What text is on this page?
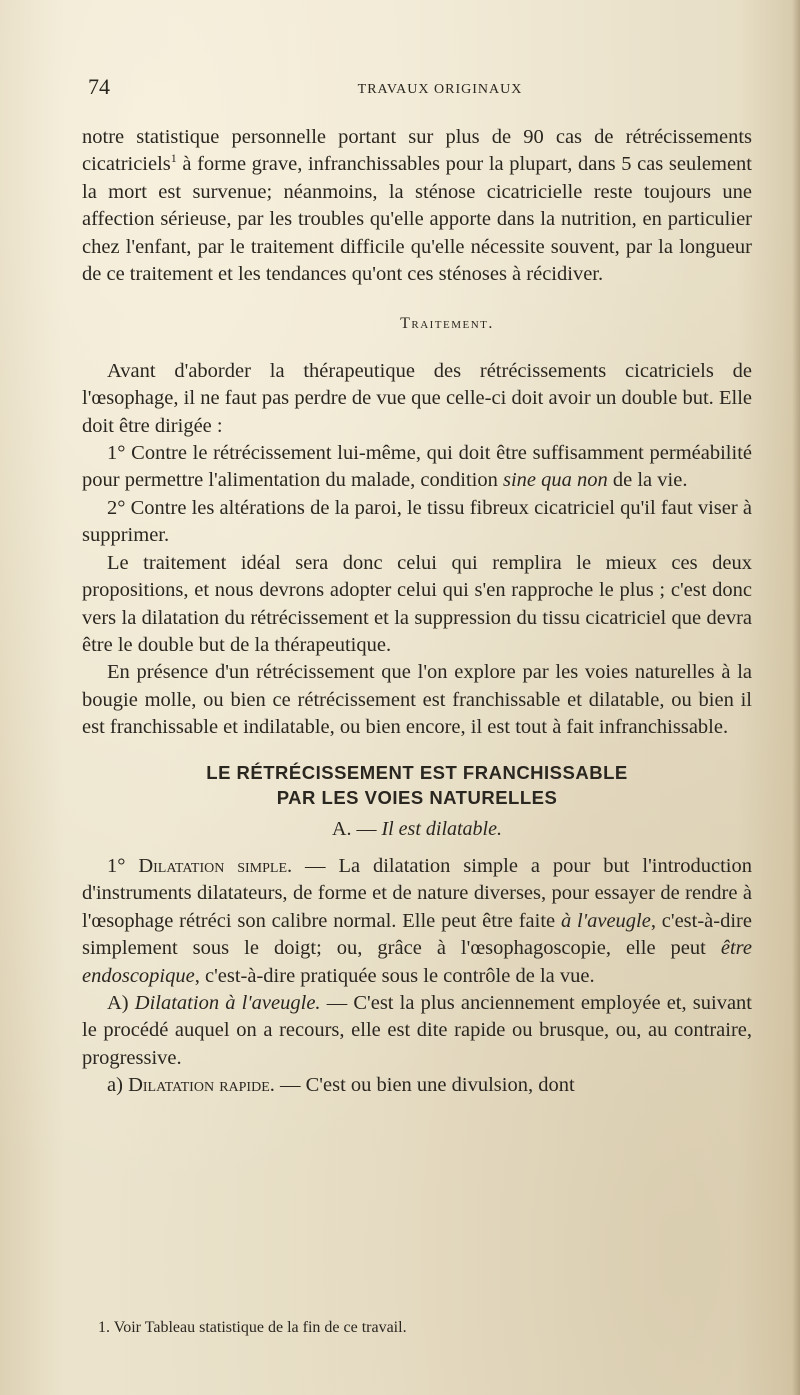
74	TRAVAUX ORIGINAUX

notre statistique personnelle portant sur plus de 90 cas de rétrécissements cicatriciels$^1$ à forme grave, infranchissables pour la plupart, dans 5 cas seulement la mort est survenue; néanmoins, la sténose cicatricielle reste toujours une affection sérieuse, par les troubles qu'elle apporte dans la nutrition, en particulier chez l'enfant, par le traitement difficile qu'elle nécessite souvent, par la longueur de ce traitement et les tendances qu'ont ces sténoses à récidiver.

Traitement.

Avant d'aborder la thérapeutique des rétrécissements cicatriciels de l'œsophage, il ne faut pas perdre de vue que celle-ci doit avoir un double but. Elle doit être dirigée :

1° Contre le rétrécissement lui-même, qui doit être suffisamment perméabilité pour permettre l'alimentation du malade, condition sine qua non de la vie.

2° Contre les altérations de la paroi, le tissu fibreux cicatriciel qu'il faut viser à supprimer.

Le traitement idéal sera donc celui qui remplira le mieux ces deux propositions, et nous devrons adopter celui qui s'en rapproche le plus ; c'est donc vers la dilatation du rétrécissement et la suppression du tissu cicatriciel que devra être le double but de la thérapeutique.

En présence d'un rétrécissement que l'on explore par les voies naturelles à la bougie molle, ou bien ce rétrécissement est franchissable et dilatable, ou bien il est franchissable et indilatable, ou bien encore, il est tout à fait infranchissable.

LE RÉTRÉCISSEMENT EST FRANCHISSABLE
PAR LES VOIES NATURELLES
A. — Il est dilatable.

1° Dilatation simple. — La dilatation simple a pour but l'introduction d'instruments dilatateurs, de forme et de nature diverses, pour essayer de rendre à l'œsophage rétréci son calibre normal. Elle peut être faite à l'aveugle, c'est-à-dire simplement sous le doigt; ou, grâce à l'œsophagoscopie, elle peut être endoscopique, c'est-à-dire pratiquée sous le contrôle de la vue.

A) Dilatation à l'aveugle. — C'est la plus anciennement employée et, suivant le procédé auquel on a recours, elle est dite rapide ou brusque, ou, au contraire, progressive.

a) Dilatation rapide. — C'est ou bien une divulsion, dont

1. Voir Tableau statistique de la fin de ce travail.
